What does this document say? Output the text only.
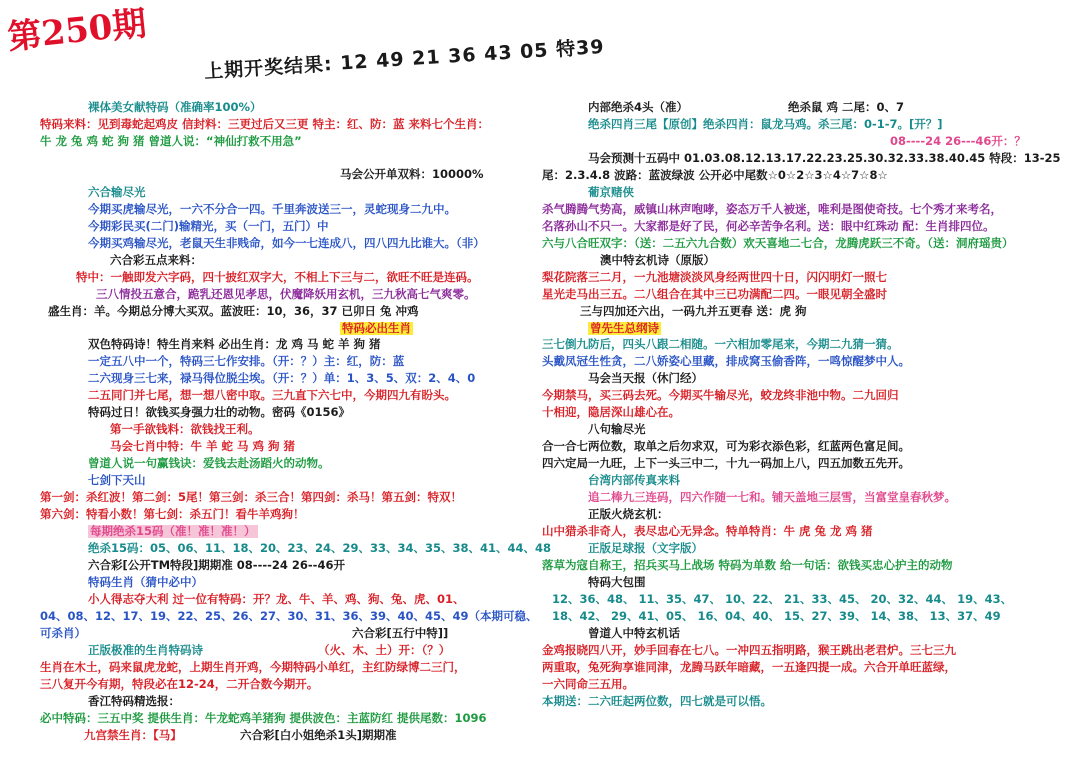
第250期
上期开奖结果: 12 49 21 36 43 05 特39
裸体美女献特码（准确率100%）
特码来料：见到毒蛇起鸡皮 信封料：三更过后又三更 特主：红、防：蓝 来料七个生肖：
牛 龙 兔 鸡 蛇 狗 猪 曾道人说：“神仙打救不用急”
马会公开单双料：10000%
六合输尽光
今期买虎输尽光，一六不分合一四。千里奔波送三一，灵蛇现身二九中。
今期彩民买(二门)输精光，买（一门，五门）中
今期买鸡输尽光，老鼠天生非贱命，如今一七连成八，四八四九比谁大。（非）
六合彩五点来料：
特中：一触即发六字码，四十披红双字大，不相上下三与二，欲旺不旺是连码。
三八情投五意合，跪乳还恩见孝思，伏魔降妖用玄机，三九秋高七气爽零。
盛生肖：羊。今期总分博大买双。蓝波旺：10，36，37 已卯日 兔 冲鸡
特码必出生肖
双色特码诗！特生肖来料 必出生肖：龙 鸡 马 蛇 羊 狗 猪
一定五八中一个，特码三七作安排。（开：？）主：红，防：蓝
二六现身三七来，禄马得位脱尘埃。（开：？）单：1、3、5、双：2、4、0
二五同门并七尾，想一想八密中取。三九直下六七中，今期四九有盼头。
特码过日！欲钱买身强力壮的动物。密码《0156》
第一手欲钱料：欲钱找王利。
马会七肖中特：牛 羊 蛇 马 鸡 狗 猪
曾道人说一句赢钱诀：爱钱去赴汤蹈火的动物。
七剑下天山
第一剑：杀红波！第二剑：5尾！第三剑：杀三合！第四剑：杀马！第五剑：特双！
第六剑：特看小数！第七剑：杀五门！看牛羊鸡狗！
每期绝杀15码（准！准！准！）
绝杀15码：05、06、11、18、20、23、24、29、33、34、35、38、41、44、48
六合彩[公开TM特段]期期准 08----24 26--46开
特码生肖（猜中必中）
小人得志夺大利 过一位有特码：开？龙、牛、羊、鸡、狗、兔、虎、01、
04、08、12、17、19、22、25、26、27、30、31、36、39、40、45、49（本期可稳、
可杀肖）	六合彩[五行中特]]
正版极准的生肖特码诗	（火、木、土）开：（？）
生肖在木土，码来鼠虎龙蛇，上期生肖开鸡，今期特码小单红，主红防绿博二三门，
三八复开今有期，特段必在12-24，二开合数今期开。
香江特码精选报：
必中特码：三五中奖 提供生肖：牛龙蛇鸡羊猪狗 提供波色：主蓝防红 提供尾数：1096
九宫禁生肖：【马】	六合彩[白小姐绝杀1头]期期准
内部绝杀4头（准）	绝杀鼠 鸡 二尾：0、7
绝杀四肖三尾【原创】绝杀四肖：鼠龙马鸡。杀三尾：0-1-7。[开？]
08----24 26---46开：？
马会预测十五码中 01.03.08.12.13.17.22.23.25.30.32.33.38.40.45 特段：13-25
尾：2.3.4.8 波路：蓝波绿波 公开必中尾数☆0☆2☆3☆4☆7☆8☆
葡京赌侠
杀气腾腾气势高，威镇山林声咆哮，姿态万千人被迷，唯利是图使奇技。七个秀才来考名，
名落孙山不只一。大家都是好了民，何必辛苦争名利。送：眼中红珠动 配：生肖排四位。
六与八合旺双字：（送：二五六九合数）欢天喜地二七合，龙腾虎跃三不奇。（送：洞府瑶贵）
澳中特玄机诗（原版）
梨花院落三二月，一九池塘淡淡风身经两世四十日，闪闪明灯一照七
星光走马出三五。二八组合在其中三已功满配二四。一眼见朝全盛时
三与四加还六出，一码九并五更春 送：虎 狗
曾先生总纲诗
三七倒九防后，四头八跟二相随。一六相加零尾来，今期二九猜一猜。
头戴凤冠生性贪，二八娇姿心里藏，排成窝玉偷香阵，一鸣惊醒梦中人。
马会当天报（休门经）
今期禁马，买三码去死。今期买牛输尽光，蛟龙终非池中物。二九回归
十相迎，隐居深山雄心在。
八句输尽光
合一合七两位数，取单之后勿求双，可为彩衣添色彩，红蓝两色富足间。
四六定局一九旺，上下一头三中二，十九一码加上八，四五加数五先开。
台湾内部传真来料
追二棒九三连码，四六作随一七和。铺天盖地三层雪，当富堂皇春秋梦。
正版火烧玄机：
山中猎杀非奇人，表尽忠心无异念。特单特肖：牛 虎 兔 龙 鸡 猪
正版足球报（文字版）
落草为寇自称王，招兵买马上战场 特码为单数 给一句话：欲钱买忠心护主的动物
特码大包围
12、36、48、 11、35、47、 10、22、 21、33、45、 20、32、44、 19、43、
18、42、 29、41、05、 16、04、40、 15、27、39、 14、38、 13、37、49
曾道人中特玄机话
金鸡报晓四八开，妙手回春在七八。一冲四五指明路，猴王跳出老君炉。三七三九
两重取，兔死狗享谁同津，龙腾马跃年暗藏，一五逢四提一成。六合开单旺蓝绿，
一六同命三五用。
本期送：二六旺起两位数，四七就是可以悟。
